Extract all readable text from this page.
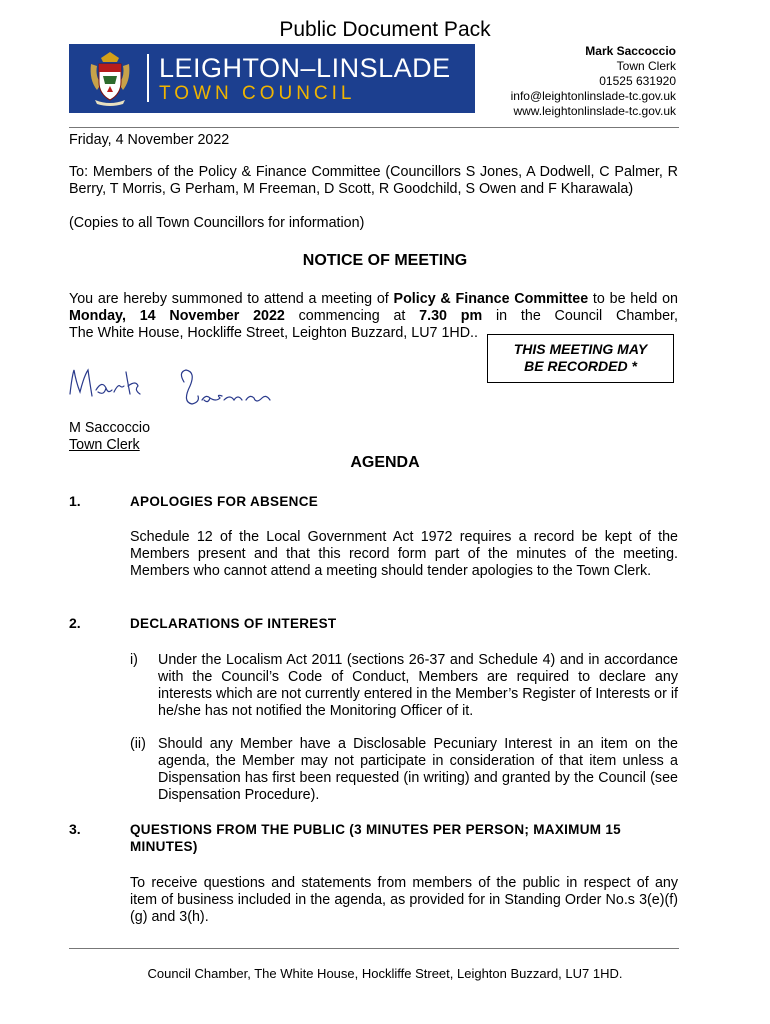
Public Document Pack
LEIGHTON–LINSLADE
TOWN COUNCIL
Mark Saccoccio
Town Clerk
01525 631920
info@leightonlinslade-tc.gov.uk
www.leightonlinslade-tc.gov.uk
Friday, 4 November 2022
To: Members of the Policy & Finance Committee (Councillors S Jones, A Dodwell, C Palmer, R Berry, T Morris, G Perham, M Freeman, D Scott, R Goodchild, S Owen and F Kharawala)
(Copies to all Town Councillors for information)
NOTICE OF MEETING
You are hereby summoned to attend a meeting of Policy & Finance Committee to be held on Monday, 14 November 2022 commencing at 7.30 pm in the Council Chamber,
The White House, Hockliffe Street, Leighton Buzzard, LU7 1HD..
THIS MEETING MAY
BE RECORDED *
M Saccoccio
Town Clerk
AGENDA
1.	APOLOGIES FOR ABSENCE
Schedule 12 of the Local Government Act 1972 requires a record be kept of the Members present and that this record form part of the minutes of the meeting. Members who cannot attend a meeting should tender apologies to the Town Clerk.
2.	DECLARATIONS OF INTEREST
i) Under the Localism Act 2011 (sections 26-37 and Schedule 4) and in accordance with the Council’s Code of Conduct, Members are required to declare any interests which are not currently entered in the Member’s Register of Interests or if he/she has not notified the Monitoring Officer of it.
(ii) Should any Member have a Disclosable Pecuniary Interest in an item on the agenda, the Member may not participate in consideration of that item unless a Dispensation has first been requested (in writing) and granted by the Council (see Dispensation Procedure).
3.	QUESTIONS FROM THE PUBLIC (3 MINUTES PER PERSON; MAXIMUM 15 MINUTES)
To receive questions and statements from members of the public in respect of any item of business included in the agenda, as provided for in Standing Order No.s 3(e)(f)(g) and 3(h).
Council Chamber, The White House, Hockliffe Street, Leighton Buzzard, LU7 1HD.
